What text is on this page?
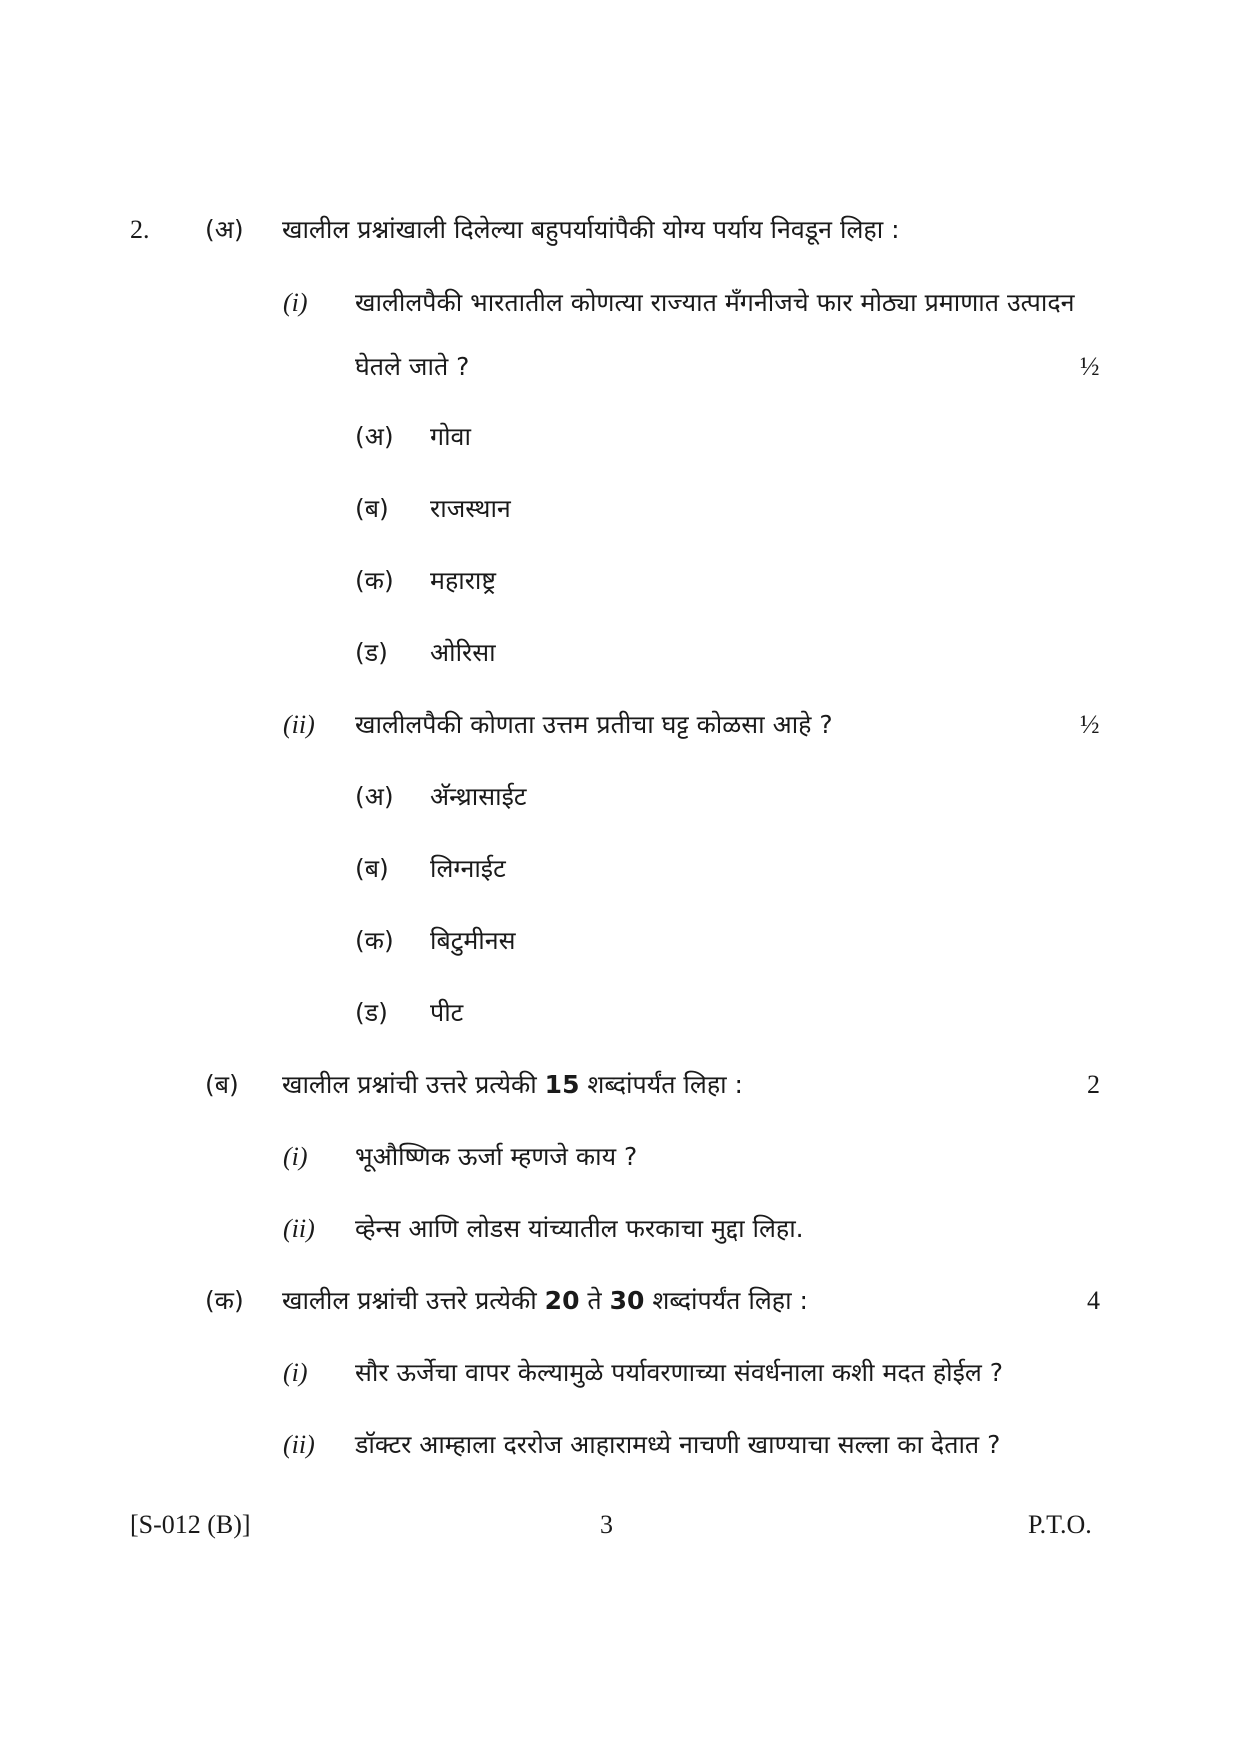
2. (अ) खालील प्रश्नांखाली दिलेल्या बहुपर्यायांपैकी योग्य पर्याय निवडून लिहा :
(i) खालीलपैकी भारतातील कोणत्या राज्यात मॅंगनीजचे फार मोठ्या प्रमाणात उत्पादन
घेतले जाते ?	½
(अ) गोवा
(ब) राजस्थान
(क) महाराष्ट्र
(ड) ओरिसा
(ii) खालीलपैकी कोणता उत्तम प्रतीचा घट्ट कोळसा आहे ?	½
(अ) अ‍ॅन्थ्रासाईट
(ब) लिग्नाईट
(क) बिटुमीनस
(ड) पीट
(ब) खालील प्रश्नांची उत्तरे प्रत्येकी 15 शब्दांपर्यंत लिहा :	2
(i) भूऔष्णिक ऊर्जा म्हणजे काय ?
(ii) व्हेन्स आणि लोडस यांच्यातील फरकाचा मुद्दा लिहा.
(क) खालील प्रश्नांची उत्तरे प्रत्येकी 20 ते 30 शब्दांपर्यंत लिहा :	4
(i) सौर ऊर्जेचा वापर केल्यामुळे पर्यावरणाच्या संवर्धनाला कशी मदत होईल ?
(ii) डॉक्टर आम्हाला दररोज आहारामध्ये नाचणी खाण्याचा सल्ला का देतात ?
[S-012 (B)]	3	P.T.O.
